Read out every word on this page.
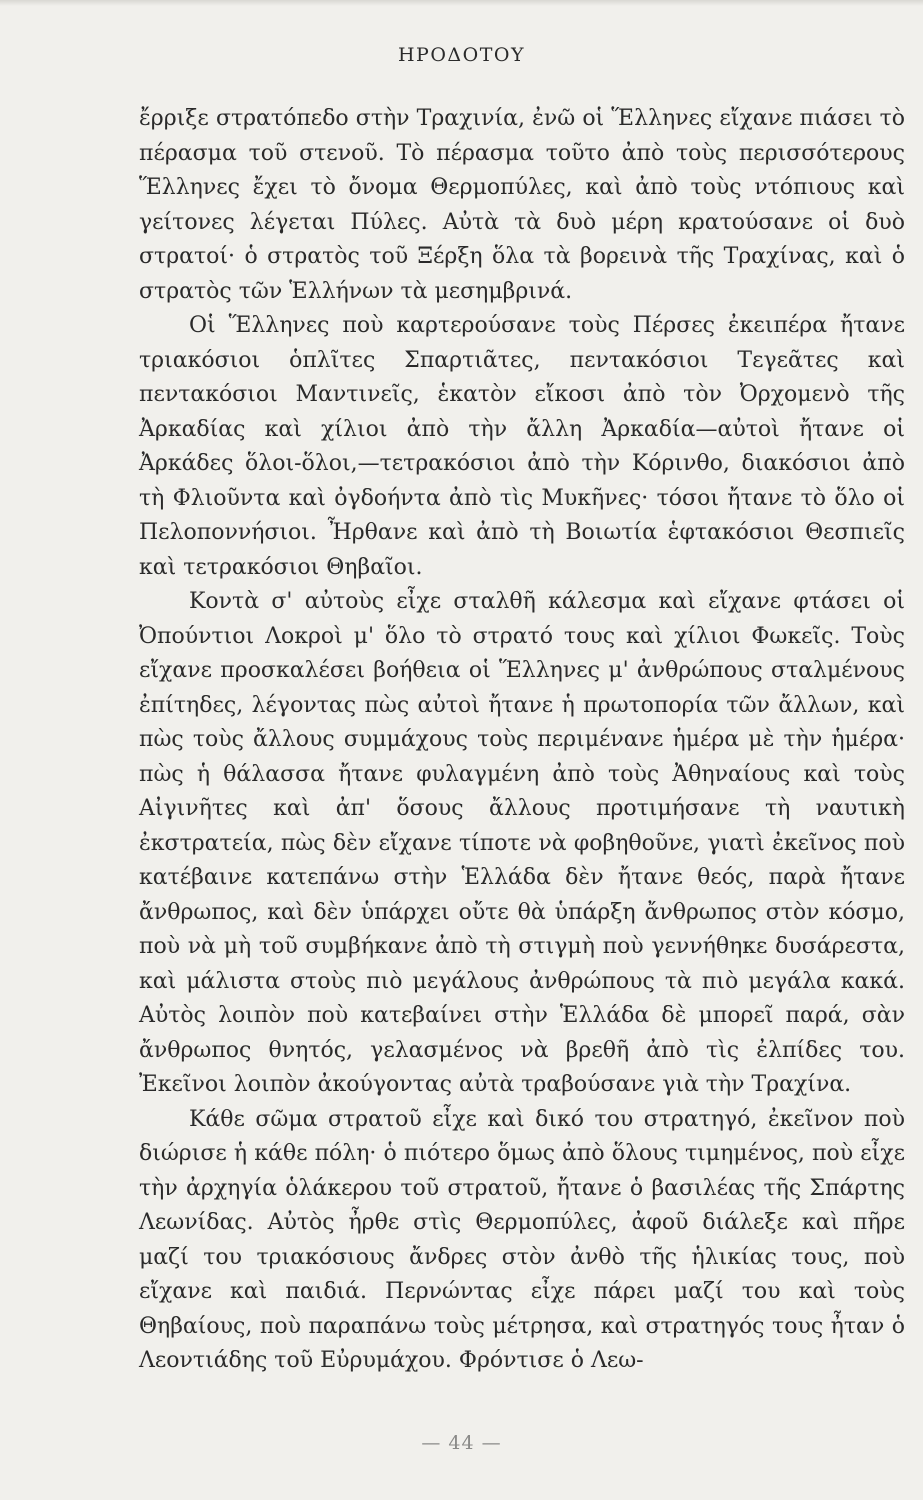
ΗΡΟΔΟΤΟΥ

ἔρριξε στρατόπεδο στὴν Τραχινία, ἐνῶ οἱ Ἕλληνες εἴχανε πιάσει τὸ πέρασμα τοῦ στενοῦ. Τὸ πέρασμα τοῦτο ἀπὸ τοὺς περισσότερους Ἕλληνες ἔχει τὸ ὄνομα Θερμοπύλες, καὶ ἀπὸ τοὺς ντόπιους καὶ γείτονες λέγεται Πύλες. Αὐτὰ τὰ δυὸ μέρη κρατούσανε οἱ δυὸ στρατοί· ὁ στρατὸς τοῦ Ξέρξη ὅλα τὰ βορεινὰ τῆς Τραχίνας, καὶ ὁ στρατὸς τῶν Ἑλλήνων τὰ μεσημβρινά.

Οἱ Ἕλληνες ποὺ καρτερούσανε τοὺς Πέρσες ἐκειπέρα ἤτανε τριακόσιοι ὁπλῖτες Σπαρτιᾶτες, πεντακόσιοι Τεγεᾶτες καὶ πεντακόσιοι Μαντινεῖς, ἑκατὸν εἴκοσι ἀπὸ τὸν Ὀρχομενὸ τῆς Ἀρκαδίας καὶ χίλιοι ἀπὸ τὴν ἄλλη Ἀρκαδία—αὐτοὶ ἤτανε οἱ Ἀρκάδες ὅλοι-ὅλοι,—τετρακόσιοι ἀπὸ τὴν Κόρινθο, διακόσιοι ἀπὸ τὴ Φλιοῦντα καὶ ὀγδοήντα ἀπὸ τὶς Μυκῆνες· τόσοι ἤτανε τὸ ὅλο οἱ Πελοποννήσιοι. Ἦρθανε καὶ ἀπὸ τὴ Βοιωτία ἑφτακόσιοι Θεσπιεῖς καὶ τετρακόσιοι Θηβαῖοι.

Κοντὰ σ' αὐτοὺς εἶχε σταλθῆ κάλεσμα καὶ εἴχανε φτάσει οἱ Ὀπούντιοι Λοκροὶ μ' ὅλο τὸ στρατό τους καὶ χίλιοι Φωκεῖς. Τοὺς εἴχανε προσκαλέσει βοήθεια οἱ Ἕλληνες μ' ἀνθρώπους σταλμένους ἐπίτηδες, λέγοντας πὼς αὐτοὶ ἤτανε ἡ πρωτοπορία τῶν ἄλλων, καὶ πὼς τοὺς ἄλλους συμμάχους τοὺς περιμένανε ἡμέρα μὲ τὴν ἡμέρα· πὼς ἡ θάλασσα ἤτανε φυλαγμένη ἀπὸ τοὺς Ἀθηναίους καὶ τοὺς Αἰγινῆτες καὶ ἀπ' ὅσους ἄλλους προτιμήσανε τὴ ναυτικὴ ἐκστρατεία, πὼς δὲν εἴχανε τίποτε νὰ φοβηθοῦνε, γιατὶ ἐκεῖνος ποὺ κατέβαινε κατεπάνω στὴν Ἑλλάδα δὲν ἤτανε θεός, παρὰ ἤτανε ἄνθρωπος, καὶ δὲν ὑπάρχει οὔτε θὰ ὑπάρξη ἄνθρωπος στὸν κόσμο, ποὺ νὰ μὴ τοῦ συμβήκανε ἀπὸ τὴ στιγμὴ ποὺ γεννήθηκε δυσάρεστα, καὶ μάλιστα στοὺς πιὸ μεγάλους ἀνθρώπους τὰ πιὸ μεγάλα κακά. Αὐτὸς λοιπὸν ποὺ κατεβαίνει στὴν Ἑλλάδα δὲ μπορεῖ παρά, σὰν ἄνθρωπος θνητός, γελασμένος νὰ βρεθῆ ἀπὸ τὶς ἐλπίδες του. Ἐκεῖνοι λοιπὸν ἀκούγοντας αὐτὰ τραβούσανε γιὰ τὴν Τραχίνα.

Κάθε σῶμα στρατοῦ εἶχε καὶ δικό του στρατηγό, ἐκεῖνον ποὺ διώρισε ἡ κάθε πόλη· ὁ πιότερο ὅμως ἀπὸ ὅλους τιμημένος, ποὺ εἶχε τὴν ἀρχηγία ὁλάκερου τοῦ στρατοῦ, ἤτανε ὁ βασιλέας τῆς Σπάρτης Λεωνίδας. Αὐτὸς ἦρθε στὶς Θερμοπύλες, ἀφοῦ διάλεξε καὶ πῆρε μαζί του τριακόσιους ἄνδρες στὸν ἀνθὸ τῆς ἡλικίας τους, ποὺ εἴχανε καὶ παιδιά. Περνώντας εἶχε πάρει μαζί του καὶ τοὺς Θηβαίους, ποὺ παραπάνω τοὺς μέτρησα, καὶ στρατηγός τους ἦταν ὁ Λεοντιάδης τοῦ Εὐρυμάχου. Φρόντισε ὁ Λεω-

— 44 —
